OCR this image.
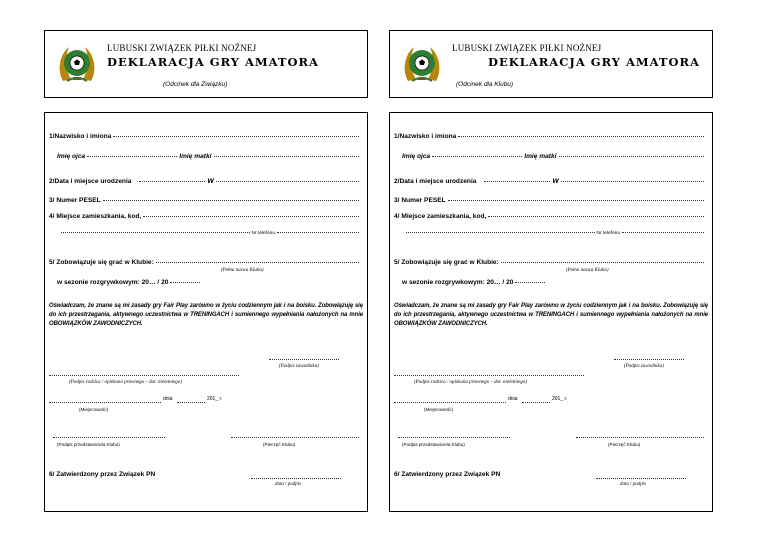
LUBUSKI ZWIĄZEK PIŁKI NOŻNEJ
DEKLARACJA GRY AMATORA
(Odcinek dla Związku)
1/Nazwisko i imiona
Imię ojca	Imię matki
2/Data i miejsce urodzenia	w
3/ Numer PESEL
4/ Miejsce zamieszkania, kod,
Nr telefonu
5/ Zobowiązuje się grać w Klubie:
(Pełna nazwa Klubu)
w sezonie rozgrywkowym: 20… / 20
Oświadczam, że znane są mi zasady gry Fair Play zarówno w życiu codziennym jak i na boisku. Zobowiązuję się do ich przestrzegania, aktywnego uczestnictwa w TRENINGACH i sumiennego wypełniania nałożonych na mnie OBOWIĄZKÓW ZAWODNICZYCH.
(Podpis zawodnika)
(Podpis rodzica / opiekuna prawnego – dot. nieletniego)
dnia	201_ r.
(Miejscowość)
(Podpis przedstawiciela Klubu)	(Pieczęć Klubu)
6/ Zatwierdzony przez Związek PN
data / podpis
LUBUSKI ZWIĄZEK PIŁKI NOŻNEJ
DEKLARACJA GRY AMATORA
(Odcinek dla Klubu)
1/Nazwisko i imiona
Imię ojca	Imię matki
2/Data i miejsce urodzenia	w
3/ Numer PESEL
4/ Miejsce zamieszkania, kod,
Nr telefonu
5/ Zobowiązuje się grać w Klubie:
(Pełna nazwa Klubu)
w sezonie rozgrywkowym: 20… / 20
Oświadczam, że znane są mi zasady gry Fair Play zarówno w życiu codziennym jak i na boisku. Zobowiązuję się do ich przestrzegania, aktywnego uczestnictwa w TRENINGACH i sumiennego wypełniania nałożonych na mnie OBOWIĄZKÓW ZAWODNICZYCH.
(Podpis zawodnika)
(Podpis rodzica / opiekuna prawnego – dot. nieletniego)
dnia	201_ r.
(Miejscowość)
(Podpis przedstawiciela Klubu)	(Pieczęć Klubu)
6/ Zatwierdzony przez Związek PN
data / podpis
